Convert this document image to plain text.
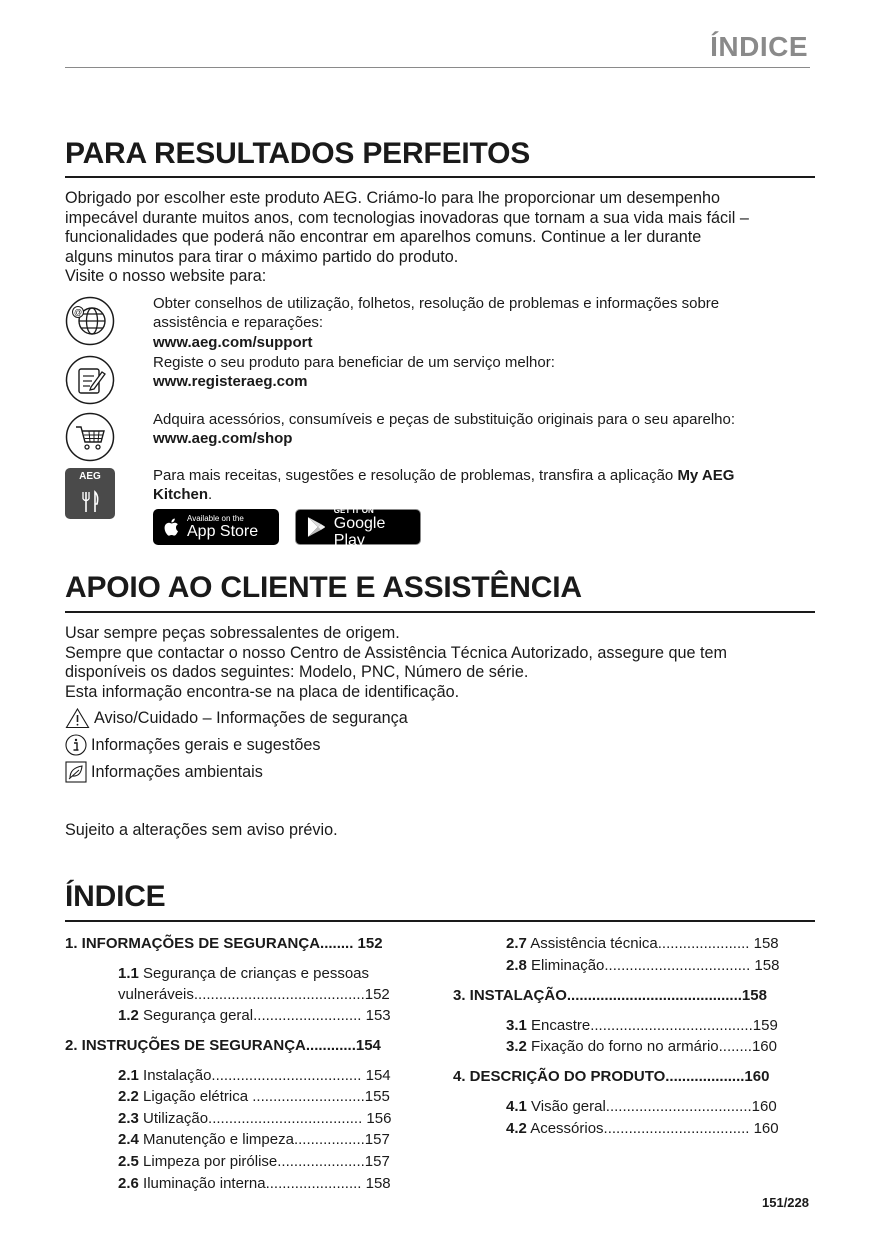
ÍNDICE
PARA RESULTADOS PERFEITOS
Obrigado por escolher este produto AEG. Criámo-lo para lhe proporcionar um desempenho
impecável durante muitos anos, com tecnologias inovadoras que tornam a sua vida mais fácil –
funcionalidades que poderá não encontrar em aparelhos comuns. Continue a ler durante
alguns minutos para tirar o máximo partido do produto.
Visite o nosso website para:
@
Obter conselhos de utilização, folhetos, resolução de problemas e informações sobre
assistência e reparações:
www.aeg.com/support
Registe o seu produto para beneficiar de um serviço melhor:
www.registeraeg.com
Adquira acessórios, consumíveis e peças de substituição originais para o seu aparelho:
www.aeg.com/shop
AEG	Para mais receitas, sugestões e resolução de problemas, transfira a aplicação My AEG
Kitchen.
Available on the
App Store
GET IT ON
Google Play
APOIO AO CLIENTE E ASSISTÊNCIA
Usar sempre peças sobressalentes de origem.
Sempre que contactar o nosso Centro de Assistência Técnica Autorizado, assegure que tem
disponíveis os dados seguintes: Modelo, PNC, Número de série.
Esta informação encontra-se na placa de identificação.
Aviso/Cuidado – Informações de segurança
Informações gerais e sugestões
Informações ambientais
Sujeito a alterações sem aviso prévio.
ÍNDICE
1. INFORMAÇÕES DE SEGURANÇA........ 152
1.1 Segurança de crianças e pessoas
vulneráveis.........................................152
1.2 Segurança geral.......................... 153
2. INSTRUÇÕES DE SEGURANÇA............154
2.1 Instalação.................................... 154
2.2 Ligação elétrica ...........................155
2.3 Utilização..................................... 156
2.4 Manutenção e limpeza.................157
2.5 Limpeza por pirólise.....................157
2.6 Iluminação interna....................... 158
2.7 Assistência técnica...................... 158
2.8 Eliminação................................... 158
3. INSTALAÇÃO..........................................158
3.1 Encastre.......................................159
3.2 Fixação do forno no armário........160
4. DESCRIÇÃO DO PRODUTO...................160
4.1 Visão geral...................................160
4.2 Acessórios................................... 160
151/228
